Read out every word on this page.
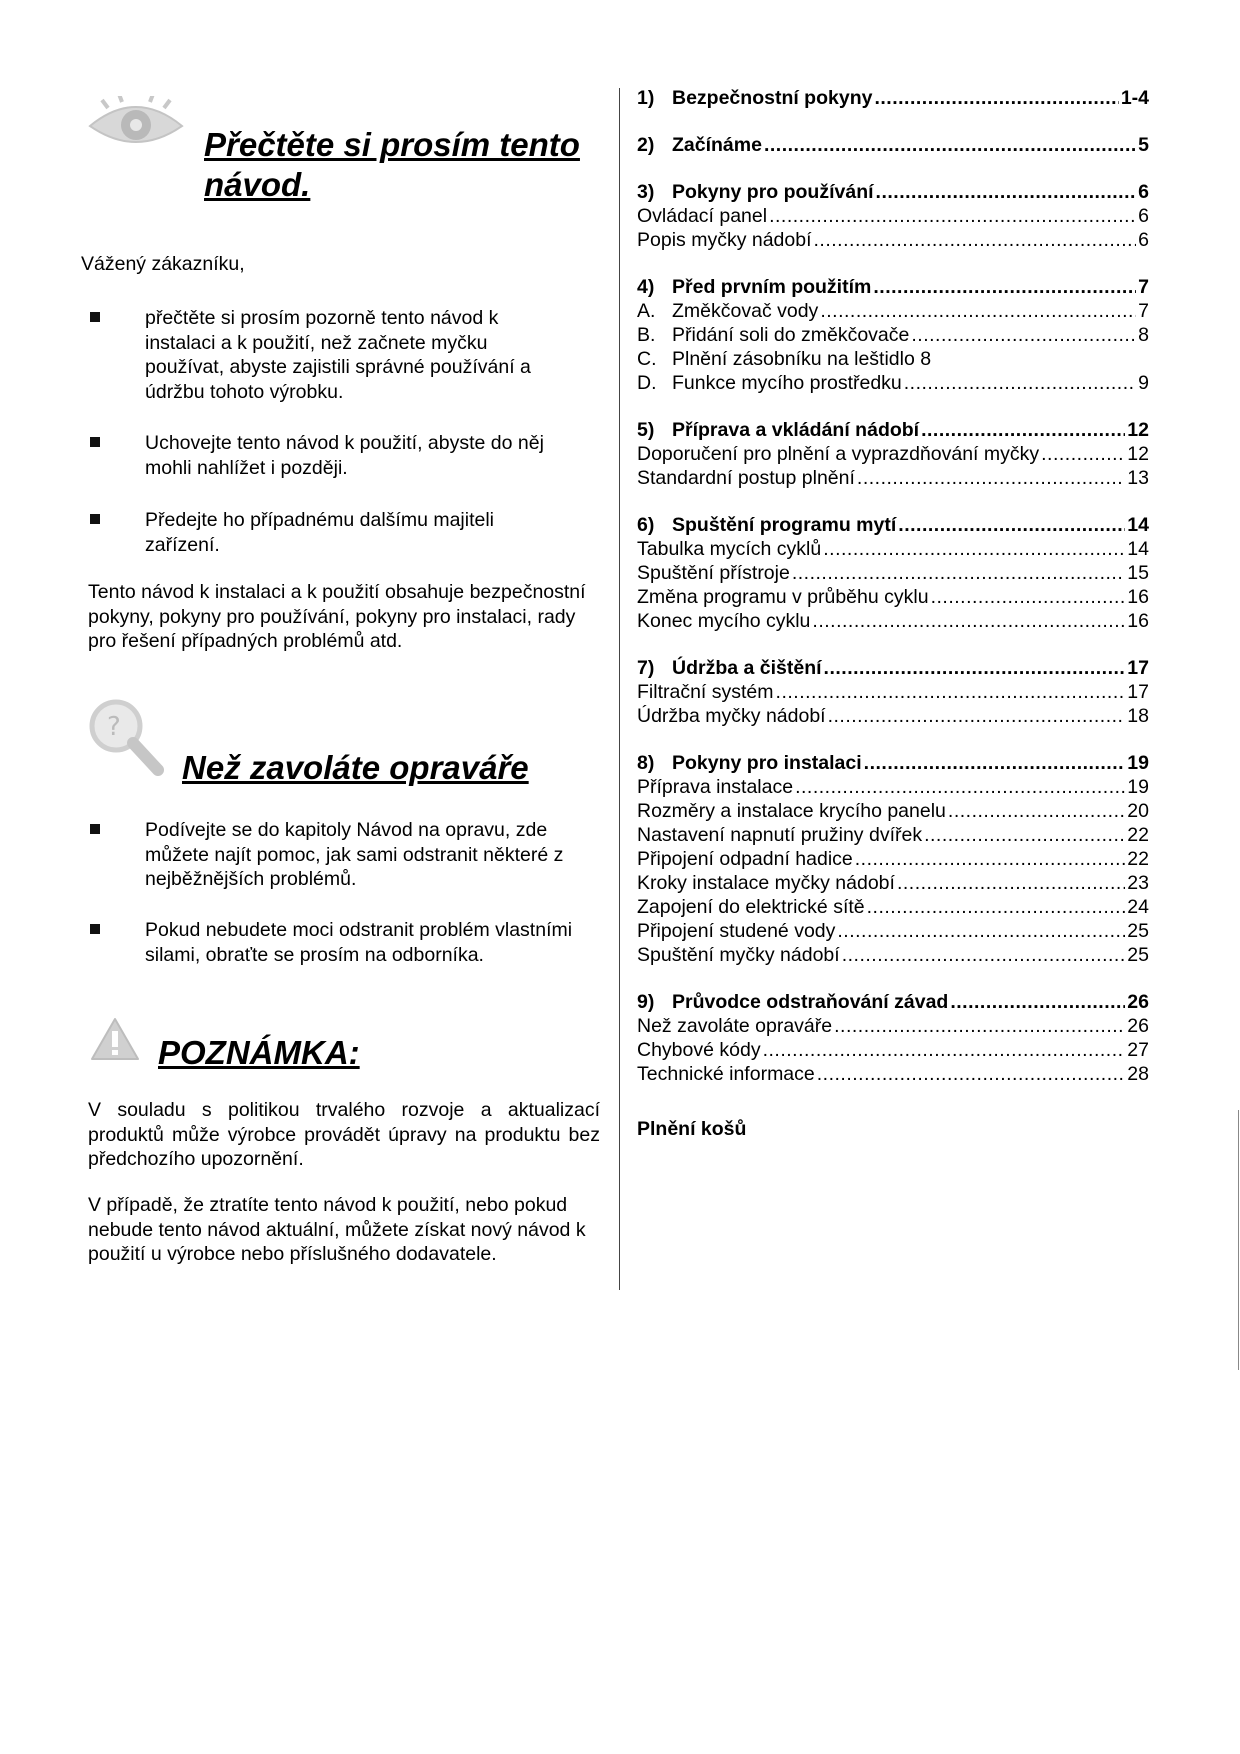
Přečtěte si prosím tento návod.
Vážený zákazníku,
přečtěte si prosím pozorně tento návod k instalaci a k použití, než začnete myčku používat, abyste zajistili správné používání a údržbu tohoto výrobku.
Uchovejte tento návod k použití, abyste do něj mohli nahlížet i později.
Předejte ho případnému dalšímu majiteli zařízení.
Tento návod k instalaci a k použití obsahuje bezpečnostní pokyny, pokyny pro používání, pokyny pro instalaci, rady pro řešení případných problémů atd.
?
Než zavoláte opraváře
Podívejte se do kapitoly Návod na opravu, zde můžete najít pomoc, jak sami odstranit některé z nejběžnějších problémů.
Pokud nebudete moci odstranit problém vlastními silami, obraťte se prosím na odborníka.
POZNÁMKA:
V souladu s politikou trvalého rozvoje a aktualizací produktů může výrobce provádět úpravy na produktu bez předchozího upozornění.
V případě, že ztratíte tento návod k použití, nebo pokud nebude tento návod aktuální, můžete získat nový návod k použití u výrobce nebo příslušného dodavatele.
1) Bezpečnostní pokyny .....	1-4
2) Začínáme .....	5
3) Pokyny pro používání .....	6
Ovládací panel .....	6
Popis myčky nádobí .....	6
4) Před prvním použitím .....	7
A. Změkčovač vody .....	7
B. Přidání soli do změkčovače .....	8
C. Plnění zásobníku na leštidlo 8
D. Funkce mycího prostředku .....	9
5) Příprava a vkládání nádobí .....	12
Doporučení pro plnění a vyprazdňování myčky .....	12
Standardní postup plnění .....	13
6) Spuštění programu mytí .....	14
Tabulka mycích cyklů .....	14
Spuštění přístroje .....	15
Změna programu v průběhu cyklu .....	16
Konec mycího cyklu .....	16
7) Údržba a čištění .....	17
Filtrační systém .....	17
Údržba myčky nádobí .....	18
8) Pokyny pro instalaci .....	19
Příprava instalace .....	19
Rozměry a instalace krycího panelu .....	20
Nastavení napnutí pružiny dvířek .....	22
Připojení odpadní hadice .....	22
Kroky instalace myčky nádobí .....	23
Zapojení do elektrické sítě .....	24
Připojení studené vody .....	25
Spuštění myčky nádobí .....	25
9) Průvodce odstraňování závad .....	26
Než zavoláte opraváře .....	26
Chybové kódy .....	27
Technické informace .....	28
Plnění košů
